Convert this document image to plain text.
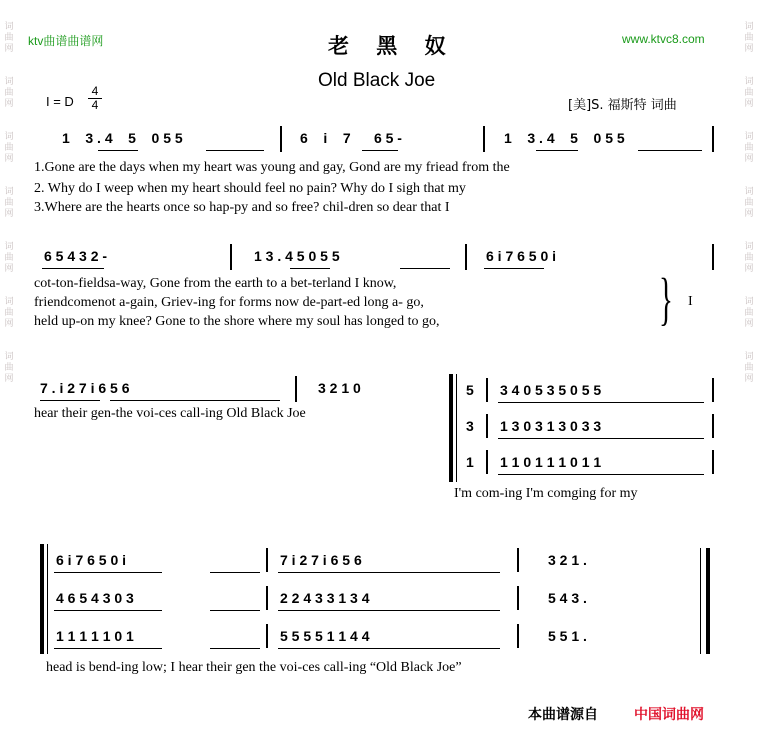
词
曲
网
词
曲
网
词
曲
网
词
曲
网
词
曲
网
词
曲
网
词
曲
网
词
曲
网
词
曲
网
词
曲
网
词
曲
网
词
曲
网
词
曲
网
词
曲
网
ktv曲谱曲谱网	www.ktvc8.com
老 黑 奴
Old Black Joe
I = D $\frac{4}{4}$	[美]S. 福斯特 词曲
1 3 . 4 5 0 5 5	6 i 7 6 5 -	1 3 . 4 5 0 5 5
1.Gone are the days when my heart was young and gay, Gond are my friead from the
2. Why do I weep when my heart should feel no pain? Why do I sigh that my
3.Where are the hearts once so hap-py and so free? chil-dren so dear that I
6 5 4 3 2 -	1 3 . 4 5 0 5 5	6 i 7 6 5 0 i
cot-ton-fieldsa-way, Gone from the earth to a bet-terland I know,
friendcomenot a-gain, Griev-ing for forms now de-part-ed long a- go,
held up-on my knee? Gone to the shore where my soul has longed to go,	} I
7 . i 2 7 i 6 5 6	3 2 1 0
hear their gen-the voi-ces call-ing Old Black Joe
5 3 4 0 5 3 5 0 5 5
3 1 3 0 3 1 3 0 3 3
1 1 1 0 1 1 1 0 1 1
I'm com-ing I'm comging for my
6 i 7 6 5 0 i	7 i 2 7 i 6 5 6	3 2 1 .
4 6 5 4 3 0 3	2 2 4 3 3 1 3 4	5 4 3 .
1 1 1 1 1 0 1	5 5 5 5 1 1 4 4	5 5 1 .
head is bend-ing low; I hear their gen the voi-ces call-ing “Old Black Joe”
本曲谱源自	中国词曲网
